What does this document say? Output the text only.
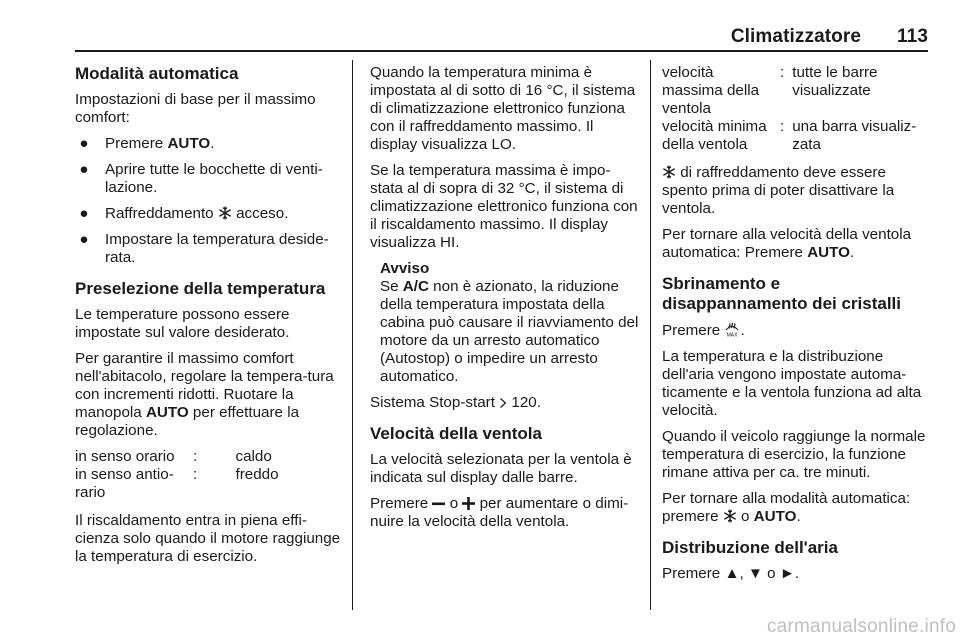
Climatizzatore 113
Modalità automatica

Impostazioni di base per il massimo comfort:

● Premere AUTO.
● Aprire tutte le bocchette di venti-lazione.
● Raffreddamento  acceso.
● Impostare la temperatura deside-rata.
Preselezione della temperatura

Le temperature possono essere impostate sul valore desiderato.

Per garantire il massimo comfort nell'abitacolo, regolare la tempera-tura con incrementi ridotti. Ruotare la manopola AUTO per effettuare la regolazione.

in senso orario	:	caldo
in senso antio-rario	:	freddo

Il riscaldamento entra in piena effi-cienza solo quando il motore raggiunge la temperatura di esercizio.

Quando la temperatura minima è impostata al di sotto di 16 °C, il sistema di climatizzazione elettronico funziona con il raffreddamento massimo. Il display visualizza LO.

Se la temperatura massima è impo-stata al di sopra di 32 °C, il sistema di climatizzazione elettronico funziona con il riscaldamento massimo. Il display visualizza HI.

Avviso
Se A/C non è azionato, la riduzione della temperatura impostata della cabina può causare il riavviamento del motore da un arresto automatico (Autostop) o impedire un arresto automatico.

Sistema Stop-start  120.

Velocità della ventola

La velocità selezionata per la ventola è indicata sul display dalle barre.

Premere  o  per aumentare o dimi-nuire la velocità della ventola.

velocità massima della ventola	:	tutte le barre visualizzate
velocità minima della ventola	:	una barra visualiz-zata

di raffreddamento deve essere spento prima di poter disattivare la ventola.

Per tornare alla velocità della ventola automatica: Premere AUTO.

Sbrinamento e disappannamento dei cristalli

Premere MAX .

La temperatura e la distribuzione dell'aria vengono impostate automa-ticamente e la ventola funziona ad alta velocità.

Quando il veicolo raggiunge la normale temperatura di esercizio, la funzione rimane attiva per ca. tre minuti.

Per tornare alla modalità automatica: premere  o AUTO.

Distribuzione dell'aria

Premere ▲, ▼ o ►.

carmanualsonline.info
